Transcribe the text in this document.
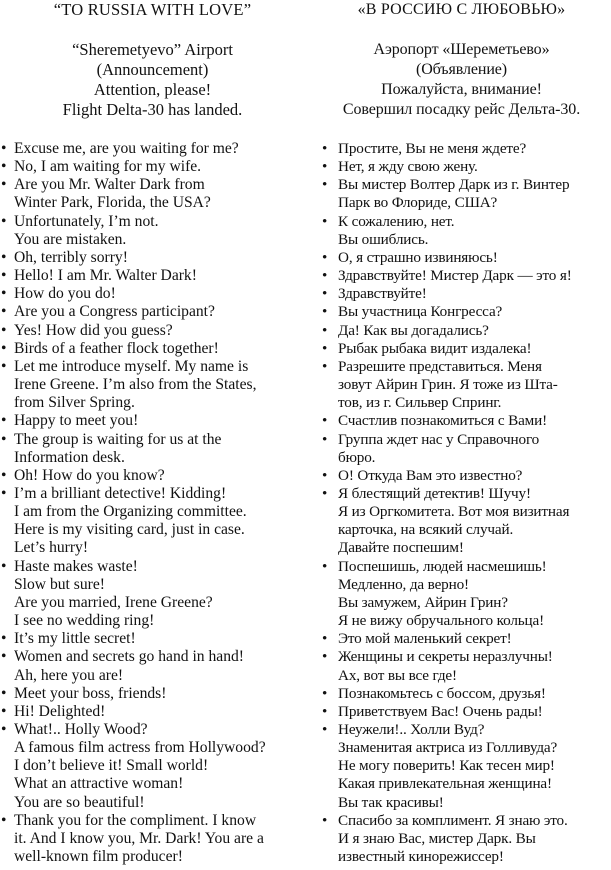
“TO RUSSIA WITH LOVE”
“Sheremetyevo” Airport
(Announcement)
Attention, please!
Flight Delta-30 has landed.
• Excuse me, are you waiting for me?
• No, I am waiting for my wife.
• Are you Mr. Walter Dark from
Winter Park, Florida, the USA?
• Unfortunately, I’m not.
You are mistaken.
• Oh, terribly sorry!
• Hello! I am Mr. Walter Dark!
• How do you do!
• Are you a Congress participant?
• Yes! How did you guess?
• Birds of a feather flock together!
• Let me introduce myself. My name is
Irene Greene. I’m also from the States,
from Silver Spring.
• Happy to meet you!
• The group is waiting for us at the
Information desk.
• Oh! How do you know?
• I’m a brilliant detective! Kidding!
I am from the Organizing committee.
Here is my visiting card, just in case.
Let’s hurry!
• Haste makes waste!
Slow but sure!
Are you married, Irene Greene?
I see no wedding ring!
• It’s my little secret!
• Women and secrets go hand in hand!
Ah, here you are!
• Meet your boss, friends!
• Hi! Delighted!
• What!.. Holly Wood?
A famous film actress from Hollywood?
I don’t believe it! Small world!
What an attractive woman!
You are so beautiful!
• Thank you for the compliment. I know
it. And I know you, Mr. Dark! You are a
well-known film producer!
«В РОССИЮ С ЛЮБОВЬЮ»
Аэропорт «Шереметьево»
(Объявление)
Пожалуйста, внимание!
Совершил посадку рейс Дельта-30.
• Простите, Вы не меня ждете?
• Нет, я жду свою жену.
• Вы мистер Волтер Дарк из г. Винтер
Парк во Флориде, США?
• К сожалению, нет.
Вы ошиблись.
• О, я страшно извиняюсь!
• Здравствуйте! Мистер Дарк — это я!
• Здравствуйте!
• Вы участница Конгресса?
• Да! Как вы догадались?
• Рыбак рыбака видит издалека!
• Разрешите представиться. Меня
зовут Айрин Грин. Я тоже из Шта-
тов, из г. Сильвер Спринг.
• Счастлив познакомиться с Вами!
• Группа ждет нас у Справочного
бюро.
• О! Откуда Вам это известно?
• Я блестящий детектив! Шучу!
Я из Оргкомитета. Вот моя визитная
карточка, на всякий случай.
Давайте поспешим!
• Поспешишь, людей насмешишь!
Медленно, да верно!
Вы замужем, Айрин Грин?
Я не вижу обручального кольца!
• Это мой маленький секрет!
• Женщины и секреты неразлучны!
Ах, вот вы все где!
• Познакомьтесь с боссом, друзья!
• Приветствуем Вас! Очень рады!
• Неужели!.. Холли Вуд?
Знаменитая актриса из Голливуда?
Не могу поверить! Как тесен мир!
Какая привлекательная женщина!
Вы так красивы!
• Спасибо за комплимент. Я знаю это.
И я знаю Вас, мистер Дарк. Вы
известный кинорежиссер!
